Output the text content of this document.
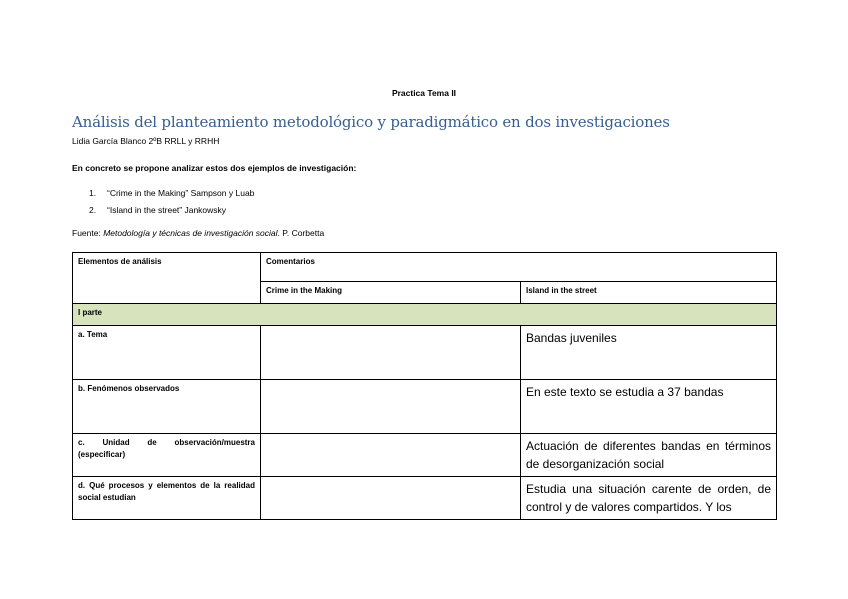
Practica Tema II
Análisis del planteamiento metodológico y paradigmático en dos investigaciones
Lidia García Blanco 2ºB RRLL y RRHH
En concreto se propone analizar estos dos ejemplos de investigación:
1. “Crime in the Making” Sampson y Luab
2. “Island in the street” Jankowsky
Fuente: Metodología y técnicas de investigación social. P. Corbetta
Elementos de análisis	Comentarios	
	Crime in the Making	Island in the street
I parte		
a. Tema		Bandas juveniles
b. Fenómenos observados		En este texto se estudia a 37 bandas
c. Unidad de observación/muestra (especificar)		Actuación de diferentes bandas en términos de desorganización social
d. Qué procesos y elementos de la realidad social estudian		Estudia una situación carente de orden, de control y de valores compartidos. Y los
